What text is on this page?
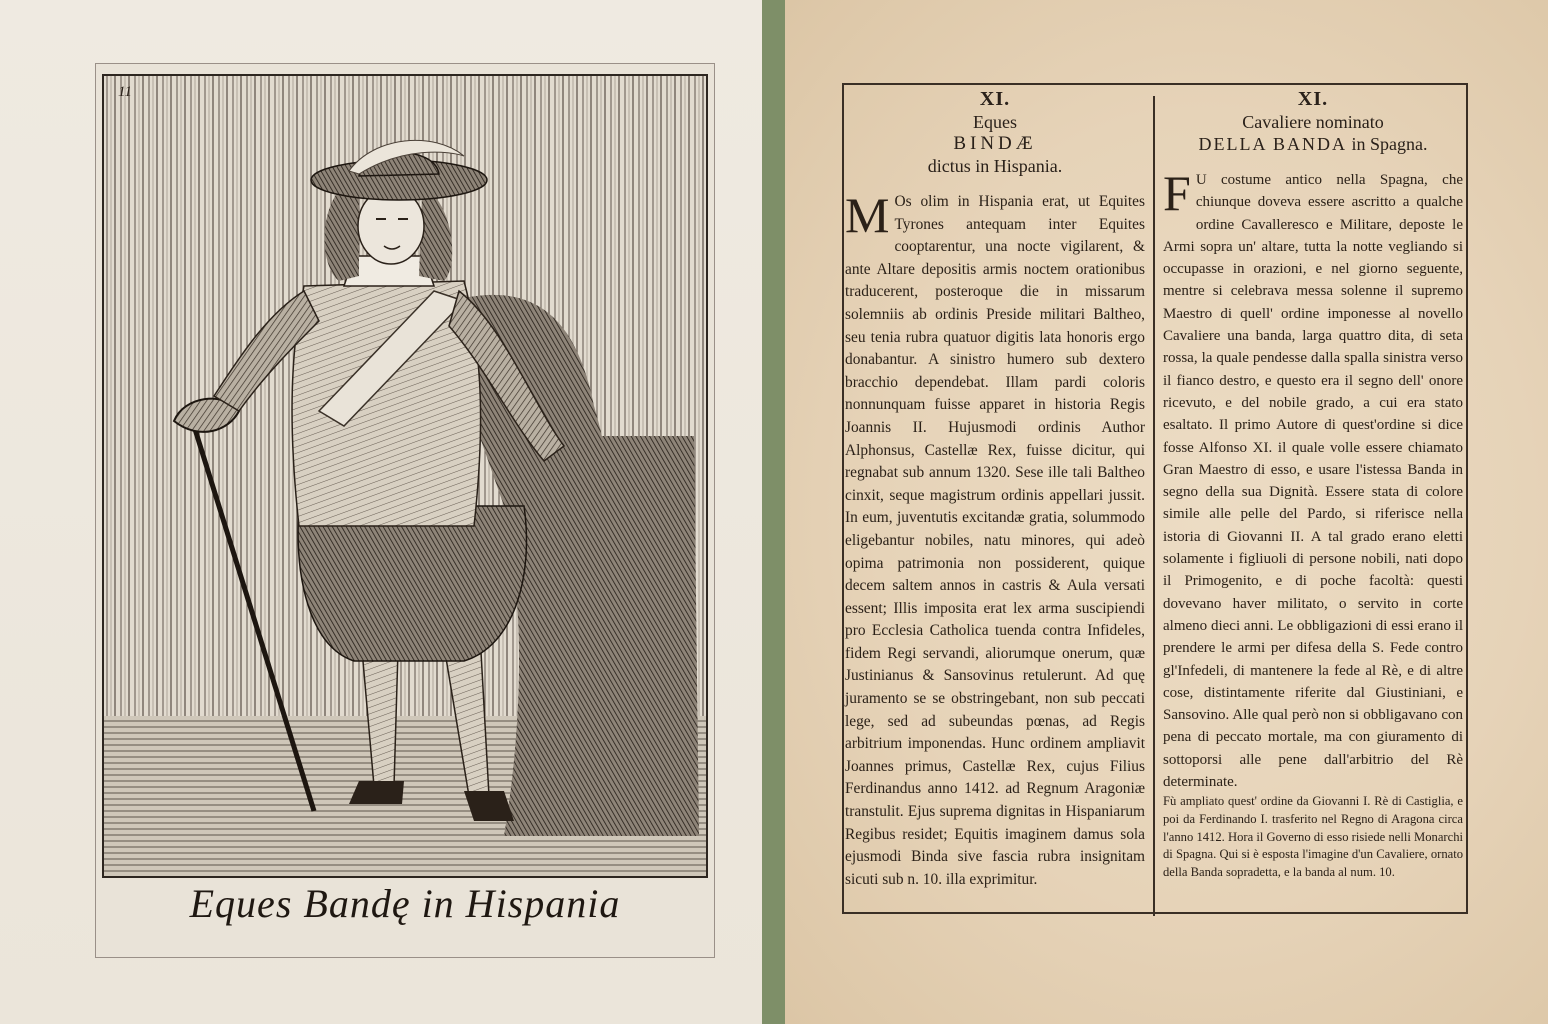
11
Eques Bandę in Hispania
XI.
Eques
BINDÆ
dictus in Hispania.
M Os olim in Hispania erat, ut Equites Tyrones antequam inter Equites cooptarentur, una nocte vigilarent, & ante Altare depositis armis noctem orationibus traducerent, posteroque die in missarum solemniis ab ordinis Preside militari Baltheo, seu tenia rubra quatuor digitis lata honoris ergo donabantur. A sinistro humero sub dextero bracchio dependebat. Illam pardi coloris nonnunquam fuisse apparet in historia Regis Joannis II. Hujusmodi ordinis Author Alphonsus, Castellæ Rex, fuisse dicitur, qui regnabat sub annum 1320. Sese ille tali Baltheo cinxit, seque magistrum ordinis appellari jussit. In eum, juventutis excitandæ gratia, solummodo eligebantur nobiles, natu minores, qui adeò opima patrimonia non possiderent, quique decem saltem annos in castris & Aula versati essent; Illis imposita erat lex arma suscipiendi pro Ecclesia Catholica tuenda contra Infideles, fidem Regi servandi, aliorumque onerum, quæ Justinianus & Sansovinus retulerunt. Ad quę juramento se se obstringebant, non sub peccati lege, sed ad subeundas pœnas, ad Regis arbitrium imponendas. Hunc ordinem ampliavit Joannes primus, Castellæ Rex, cujus Filius Ferdinandus anno 1412. ad Regnum Aragoniæ transtulit. Ejus suprema dignitas in Hispaniarum Regibus residet; Equitis imaginem damus sola ejusmodi Binda sive fascia rubra insignitam sicuti sub n. 10. illa exprimitur.
XI.
Cavaliere nominato
DELLA BANDA in Spagna.
F U costume antico nella Spagna, che chiunque doveva essere ascritto a qualche ordine Cavalleresco e Militare, deposte le Armi sopra un' altare, tutta la notte vegliando si occupasse in orazioni, e nel giorno seguente, mentre si celebrava messa solenne il supremo Maestro di quell' ordine imponesse al novello Cavaliere una banda, larga quattro dita, di seta rossa, la quale pendesse dalla spalla sinistra verso il fianco destro, e questo era il segno dell' onore ricevuto, e del nobile grado, a cui era stato esaltato. Il primo Autore di quest'ordine si dice fosse Alfonso XI. il quale volle essere chiamato Gran Maestro di esso, e usare l'istessa Banda in segno della sua Dignità. Essere stata di colore simile alle pelle del Pardo, si riferisce nella istoria di Giovanni II. A tal grado erano eletti solamente i figliuoli di persone nobili, nati dopo il Primogenito, e di poche facoltà: questi dovevano haver militato, o servito in corte almeno dieci anni. Le obbligazioni di essi erano il prendere le armi per difesa della S. Fede contro gl'Infedeli, di mantenere la fede al Rè, e di altre cose, distintamente riferite dal Giustiniani, e Sansovino. Alle qual però non si obbligavano con pena di peccato mortale, ma con giuramento di sottoporsi alle pene dall'arbitrio del Rè determinate.
Fù ampliato quest' ordine da Giovanni I. Rè di Castiglia, e poi da Ferdinando I. trasferito nel Regno di Aragona circa l'anno 1412. Hora il Governo di esso risiede nelli Monarchi di Spagna. Qui si è esposta l'imagine d'un Cavaliere, ornato della Banda sopradetta, e la banda al num. 10.
